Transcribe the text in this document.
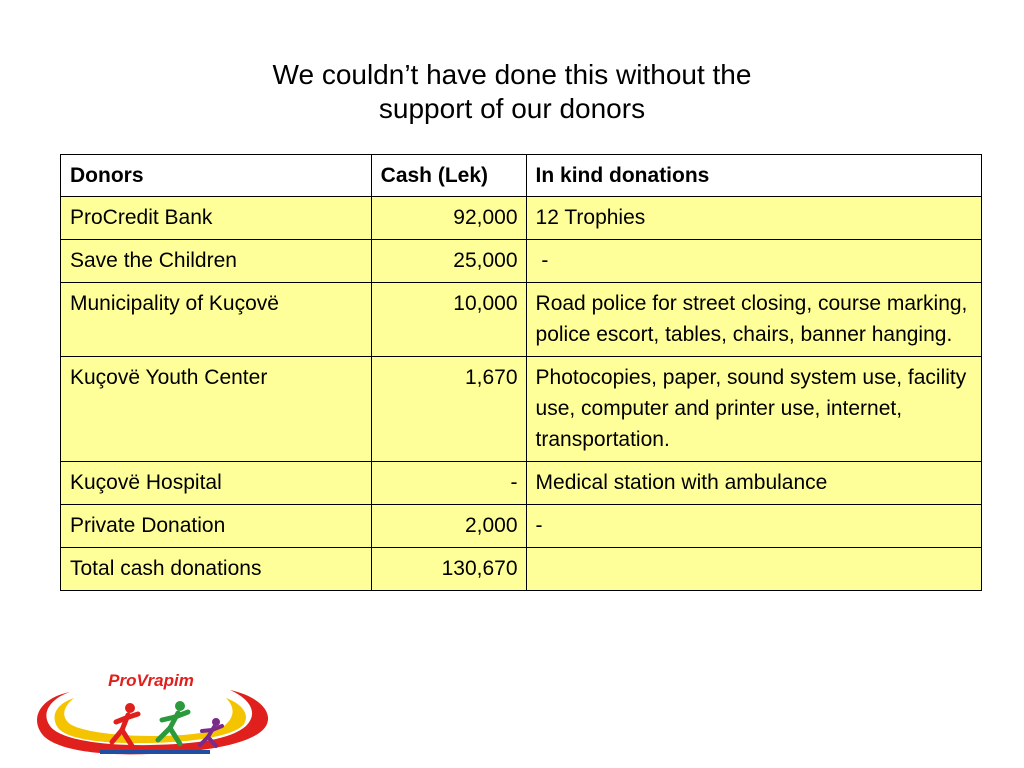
We couldn’t have done this without the
support of our donors
Donors	Cash (Lek)	In kind donations
ProCredit Bank	92,000	12 Trophies
Save the Children	25,000	-
Municipality of Kuçovë	10,000	Road police for street closing, course marking, police escort, tables, chairs, banner hanging.
Kuçovë Youth Center	1,670	Photocopies, paper, sound system use, facility use, computer and printer use, internet, transportation.
Kuçovë Hospital	-	Medical station with ambulance
Private Donation	2,000	-
Total cash donations	130,670	

ProVrapim
